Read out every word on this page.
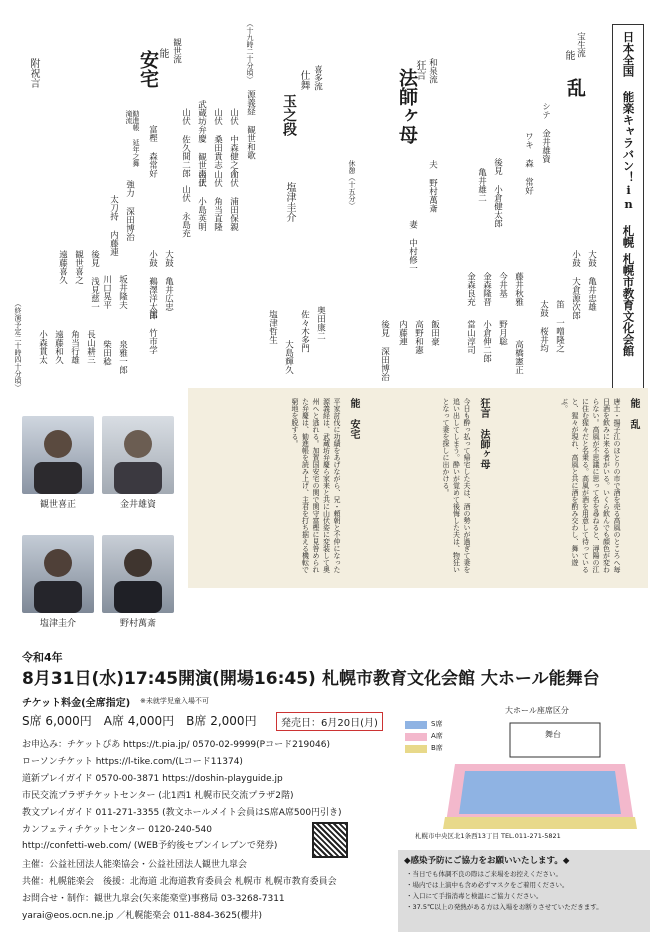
日本全国 能楽キャラバン！in 札幌
札幌市教育文化会館
宝生流
能
乱
シテ 金井雄資
ワキ 森 常好
後見 小倉健太郎
亀井雄二
大鼓 亀井忠雄
小鼓 大倉源次郎
笛 一噌隆之
太鼓 桜井均
藤井秋雅
高橋憲正
今井基
野月聡
金森隆晋
小倉伸二郎
金森良充
當山淳司
和泉流
狂言
法師ヶ母
夫 野村萬斎
妻 中村修一
後見 深田博治	飯田豪
高野和憲
内藤連
休憩（十五分）
喜多流
仕舞
玉之段
塩津圭介
佐々木多門
大島輝久
奥田康二
塩津哲生
（十九時二十分頃）
観世流
能
安宅
勧進帳 延年之舞 滝流
富樫 森常好	武蔵坊弁慶 観世喜正	源義経 観世和歌
山伏 中森健之介
山伏 浦田保親
山伏 桑田貴志
山伏 角当直隆
山伏 小島英明
山伏 佐久間二郎
山伏 永島充
太刀持 内藤連 強力 深田博治
大鼓 亀井広忠
小鼓 鵜澤洋太郎
笛 竹市学
後見 浅見慈一
観世喜之
遠藤喜久
坂井隆夫
泉雅一郎
川口晃平
柴田稔
長山耕三
角当行雄
遠藤和久
小森貫太
附祝言
（終演予定二十時四十分頃）
観世喜正	金井雄資
塩津圭介	野村萬斎
能 乱
唐土・揚子江のほとりの市で酒を売る高風のところへ毎日酒を飲みに来る者がいる。いくら飲んでも顔色が変わらない。高風が不思議に思って名を尋ねると、潯陽の江に住む猩々だと名乗る。高風が酒を用意して待っていると、猩々が現れ、高風と共に酒を酌み交わし、舞い遊ぶ。
狂言 法師ヶ母
今日も酔っ払って帰宅した夫は、酒の勢いが過ぎて妻を追い出してしまう。酔いが覚めて後悔した夫は、物狂いとなって妻を探しに出かける。
能 安宅
平家討伐に功績をあげながら、兄・頼朝と不仲になった源義経は、武蔵坊弁慶ら家来と共に山伏姿に変装して奥州へと逃れる。加賀国安宅の関で関守富樫に見咎められた弁慶は、勧進帳を読み上げ、主君を打ち据える機転で窮地を脱する。
令和4年
8月31日(水)17:45開演(開場16:45) 札幌市教育文化会館 大ホール能舞台
チケット料金(全席指定) ※未就学児童入場不可
S席 6,000円　A席 4,000円　B席 2,000円	発売日：6月20日(月)
お申込み：チケットぴあ https://t.pia.jp/ 0570-02-9999(Pコード219046)
ローソンチケット https://l-tike.com/(Lコード11374)
道新プレイガイド 0570-00-3871 https://doshin-playguide.jp
市民交流プラザチケットセンター (北1西1 札幌市民交流プラザ2階)
教文プレイガイド 011-271-3355 (教文ホールメイト会員はS席A席500円引き)
カンフェティチケットセンター 0120-240-540
http://confetti-web.com/ (WEB予約後セブンイレブンで発券)
主催：公益社団法人能楽協会・公益社団法人観世九皐会
共催：札幌能楽会　後援：北海道 北海道教育委員会 札幌市 札幌市教育委員会
お問合せ・制作：観世九皐会(矢来能楽堂)事務局 03-3268-7311
yarai@eos.ocn.ne.jp ／札幌能楽会 011-884-3625(櫻井)
大ホール座席区分
S席
A席
B席
舞台
札幌市中央区北1条西13丁目 TEL.011-271-5821
◆感染予防にご協力をお願いいたします。◆
・当日でも体調不良の際はご来場をお控えください。
・場内では上演中も含め必ずマスクをご着用ください。
・入口にて手指消毒と検温にご協力ください。
・37.5℃以上の発熱がある方は入場をお断りさせていただきます。
